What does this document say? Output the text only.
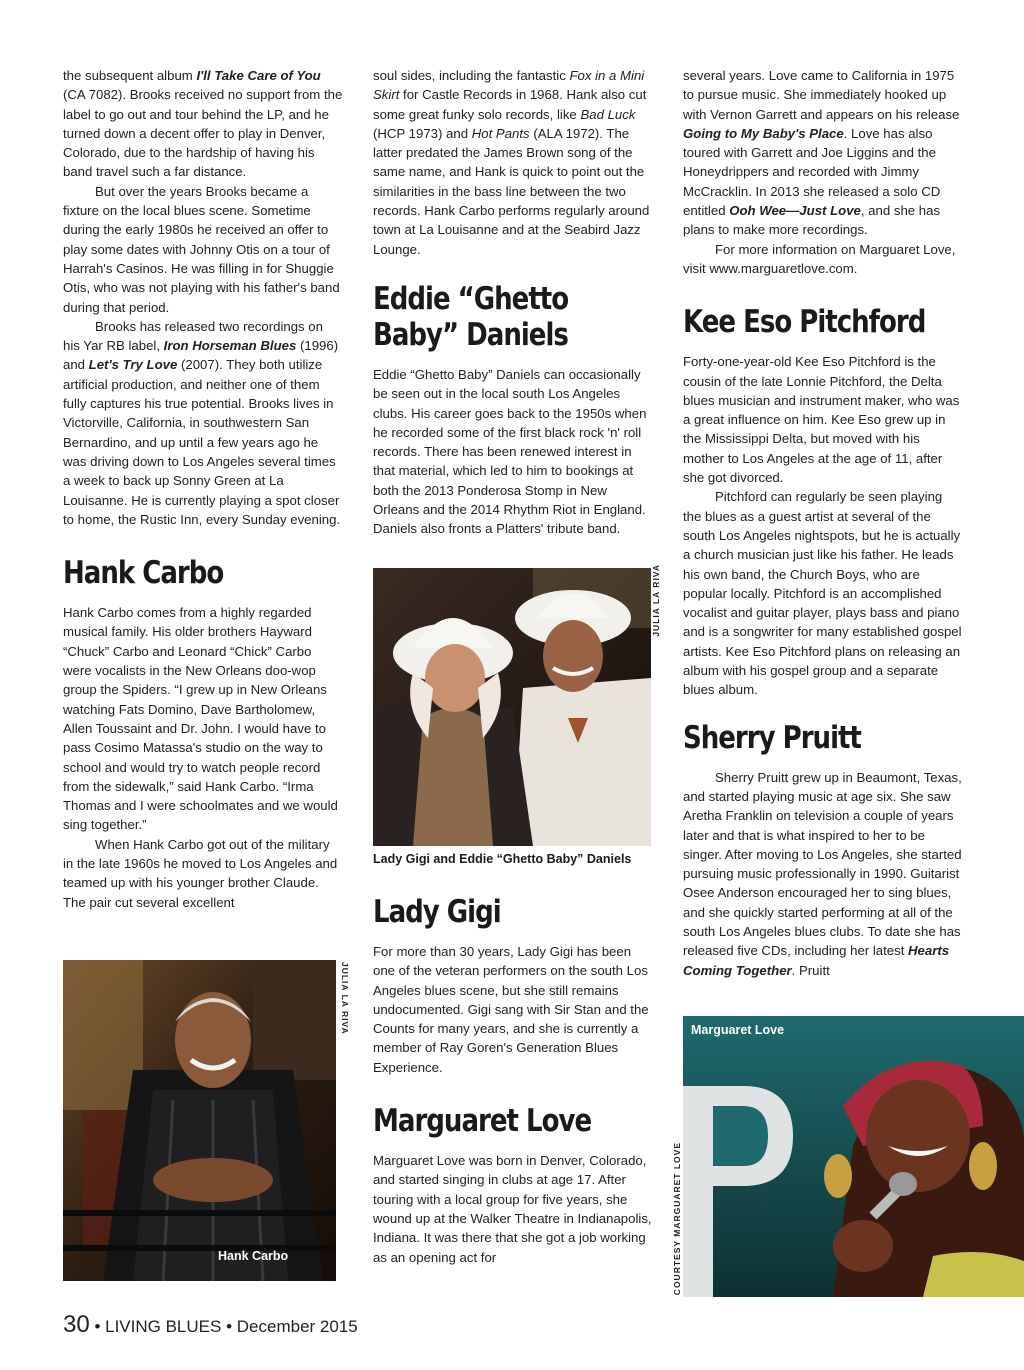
the subsequent album I'll Take Care of You (CA 7082). Brooks received no support from the label to go out and tour behind the LP, and he turned down a decent offer to play in Denver, Colorado, due to the hardship of having his band travel such a far distance.

But over the years Brooks became a fixture on the local blues scene. Sometime during the early 1980s he received an offer to play some dates with Johnny Otis on a tour of Harrah's Casinos. He was filling in for Shuggie Otis, who was not playing with his father's band during that period.

Brooks has released two recordings on his Yar RB label, Iron Horseman Blues (1996) and Let's Try Love (2007). They both utilize artificial production, and neither one of them fully captures his true potential. Brooks lives in Victorville, California, in southwestern San Bernardino, and up until a few years ago he was driving down to Los Angeles several times a week to back up Sonny Green at La Louisanne. He is currently playing a spot closer to home, the Rustic Inn, every Sunday evening.

Hank Carbo

Hank Carbo comes from a highly regarded musical family. His older brothers Hayward “Chuck” Carbo and Leonard “Chick” Carbo were vocalists in the New Orleans doo-wop group the Spiders. “I grew up in New Orleans watching Fats Domino, Dave Bartholomew, Allen Toussaint and Dr. John. I would have to pass Cosimo Matassa's studio on the way to school and would try to watch people record from the sidewalk,” said Hank Carbo. “Irma Thomas and I were schoolmates and we would sing together.”

When Hank Carbo got out of the military in the late 1960s he moved to Los Angeles and teamed up with his younger brother Claude. The pair cut several excellent

Hank Carbo
JULIA LA RIVA

soul sides, including the fantastic Fox in a Mini Skirt for Castle Records in 1968. Hank also cut some great funky solo records, like Bad Luck (HCP 1973) and Hot Pants (ALA 1972). The latter predated the James Brown song of the same name, and Hank is quick to point out the similarities in the bass line between the two records. Hank Carbo performs regularly around town at La Louisanne and at the Seabird Jazz Lounge.

Eddie “Ghetto Baby” Daniels

Eddie “Ghetto Baby” Daniels can occasionally be seen out in the local south Los Angeles clubs. His career goes back to the 1950s when he recorded some of the first black rock 'n' roll records. There has been renewed interest in that material, which led to him to bookings at both the 2013 Ponderosa Stomp in New Orleans and the 2014 Rhythm Riot in England. Daniels also fronts a Platters' tribute band.

JULIA LA RIVA
Lady Gigi and Eddie “Ghetto Baby” Daniels
Lady Gigi

For more than 30 years, Lady Gigi has been one of the veteran performers on the south Los Angeles blues scene, but she still remains undocumented. Gigi sang with Sir Stan and the Counts for many years, and she is currently a member of Ray Goren's Generation Blues Experience.

Marguaret Love

Marguaret Love was born in Denver, Colorado, and started singing in clubs at age 17. After touring with a local group for five years, she wound up at the Walker Theatre in Indianapolis, Indiana. It was there that she got a job working as an opening act for

several years. Love came to California in 1975 to pursue music. She immediately hooked up with Vernon Garrett and appears on his release Going to My Baby's Place. Love has also toured with Garrett and Joe Liggins and the Honeydrippers and recorded with Jimmy McCracklin. In 2013 she released a solo CD entitled Ooh Wee—Just Love, and she has plans to make more recordings.

For more information on Marguaret Love, visit www.marguaretlove.com.

Kee Eso Pitchford

Forty-one-year-old Kee Eso Pitchford is the cousin of the late Lonnie Pitchford, the Delta blues musician and instrument maker, who was a great influence on him. Kee Eso grew up in the Mississippi Delta, but moved with his mother to Los Angeles at the age of 11, after she got divorced.

Pitchford can regularly be seen playing the blues as a guest artist at several of the south Los Angeles nightspots, but he is actually a church musician just like his father. He leads his own band, the Church Boys, who are popular locally. Pitchford is an accomplished vocalist and guitar player, plays bass and piano and is a songwriter for many established gospel artists. Kee Eso Pitchford plans on releasing an album with his gospel group and a separate blues album.

Sherry Pruitt

Sherry Pruitt grew up in Beaumont, Texas, and started playing music at age six. She saw Aretha Franklin on television a couple of years later and that is what inspired to her to be singer. After moving to Los Angeles, she started pursuing music professionally in 1990. Guitarist Osee Anderson encouraged her to sing blues, and she quickly started performing at all of the south Los Angeles blues clubs. To date she has released five CDs, including her latest Hearts Coming Together. Pruitt

Marguaret Love
COURTESY MARGUARET LOVE
30 • LIVING BLUES • December 2015
